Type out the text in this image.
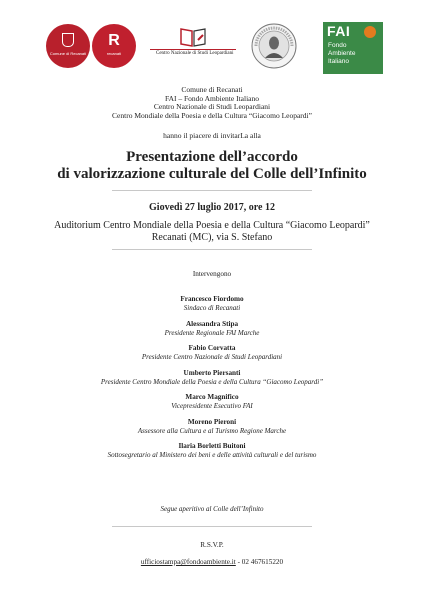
Comune di Recanati
R
recanati	Centro Nazionale di Studi Leopardiani
FAI
Fondo
Ambiente
Italiano
Comune di Recanati
FAI – Fondo Ambiente Italiano
Centro Nazionale di Studi Leopardiani
Centro Mondiale della Poesia e della Cultura “Giacomo Leopardi”
hanno il piacere di invitarLa alla
Presentazione dell’accordo
di valorizzazione culturale del Colle dell’Infinito
Giovedì 27 luglio 2017, ore 12
Auditorium Centro Mondiale della Poesia e della Cultura “Giacomo Leopardi”
Recanati (MC), via S. Stefano
Intervengono
Francesco Fiordomo
Sindaco di Recanati
Alessandra Stipa
Presidente Regionale FAI Marche
Fabio Corvatta
Presidente Centro Nazionale di Studi Leopardiani
Umberto Piersanti
Presidente Centro Mondiale della Poesia e della Cultura “Giacomo Leopardi”
Marco Magnifico
Vicepresidente Esecutivo FAI
Moreno Pieroni
Assessore alla Cultura e al Turismo Regione Marche
Ilaria Borletti Buitoni
Sottosegretario al Ministero dei beni e delle attività culturali e del turismo
Segue aperitivo al Colle dell’Infinito
R.S.V.P.
ufficiostampa@fondoambiente.it - 02 467615220
